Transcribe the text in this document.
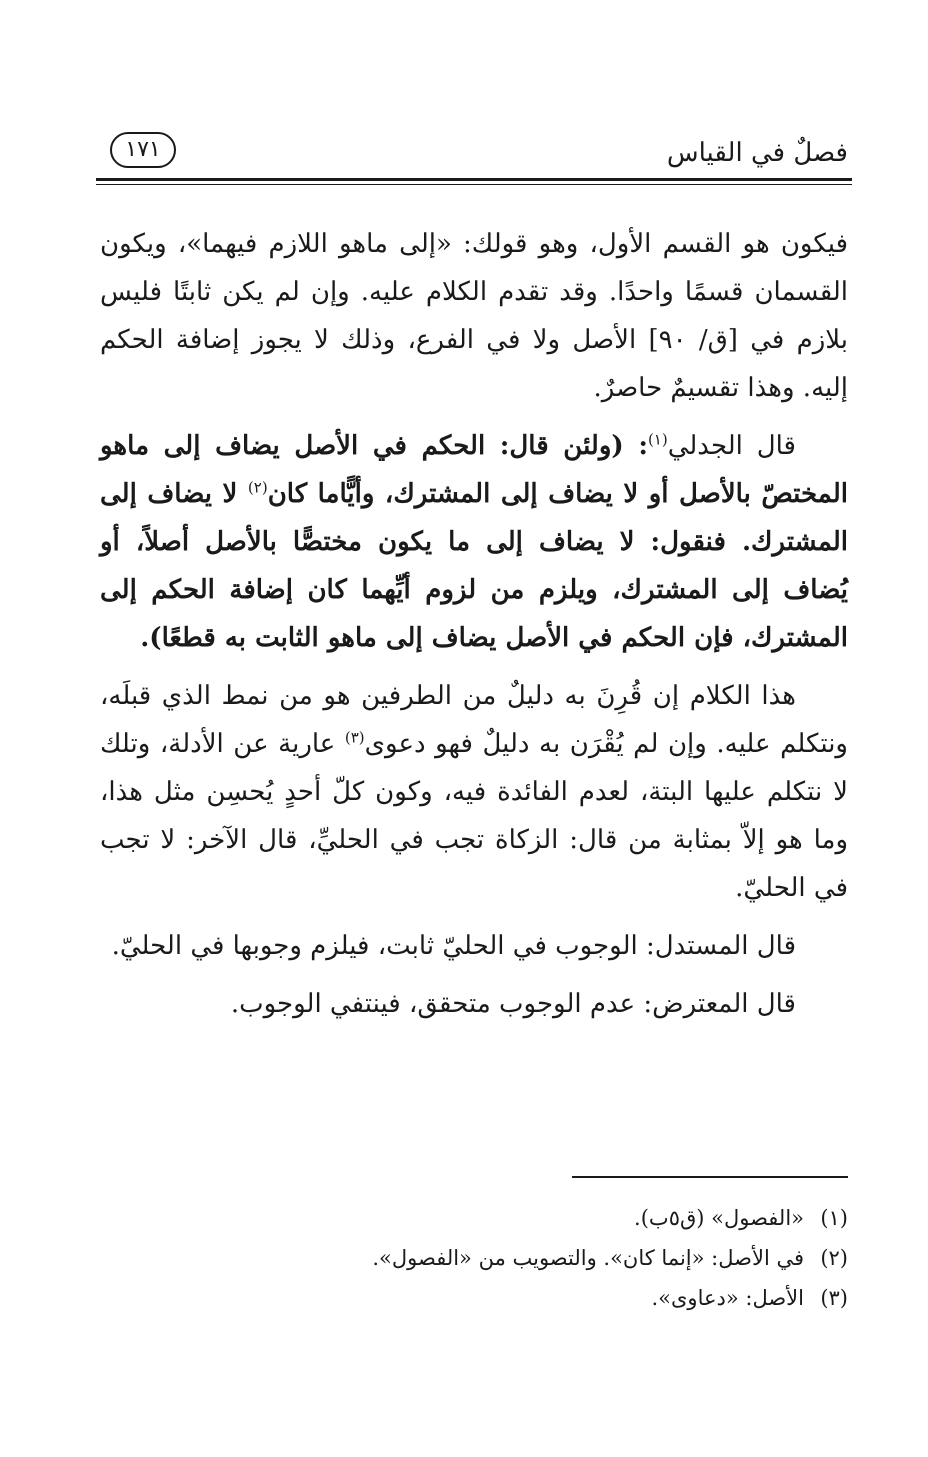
فصلٌ في القياس
١٧١

فيكون هو القسم الأول، وهو قولك: «إلى ماهو اللازم فيهما»، ويكون القسمان قسمًا واحدًا. وقد تقدم الكلام عليه. وإن لم يكن ثابتًا فليس بلازم في [ق/ ٩٠] الأصل ولا في الفرع، وذلك لا يجوز إضافة الحكم إليه. وهذا تقسيمٌ حاصرٌ.

قال الجدلي$^{(١)}$: (ولئن قال: الحكم في الأصل يضاف إلى ماهو المختصّ بالأصل أو لا يضاف إلى المشترك، وأيًّاما كان$^{(٢)}$ لا يضاف إلى المشترك. فنقول: لا يضاف إلى ما يكون مختصًّا بالأصل أصلاً، أو يُضاف إلى المشترك، ويلزم من لزوم أيِّهما كان إضافة الحكم إلى المشترك، فإن الحكم في الأصل يضاف إلى ماهو الثابت به قطعًا).

هذا الكلام إن قُرِنَ به دليلٌ من الطرفين هو من نمط الذي قبلَه، ونتكلم عليه. وإن لم يُقْرَن به دليلٌ فهو دعوى$^{(٣)}$ عارية عن الأدلة، وتلك لا نتكلم عليها البتة، لعدم الفائدة فيه، وكون كلّ أحدٍ يُحسِن مثل هذا، وما هو إلاّ بمثابة من قال: الزكاة تجب في الحليِّ، قال الآخر: لا تجب في الحليّ.

قال المستدل: الوجوب في الحليّ ثابت، فيلزم وجوبها في الحليّ.

قال المعترض: عدم الوجوب متحقق، فينتفي الوجوب.

(١)«الفصول» (ق٥ب).
(٢)في الأصل: «إنما كان». والتصويب من «الفصول».
(٣)الأصل: «دعاوى».
